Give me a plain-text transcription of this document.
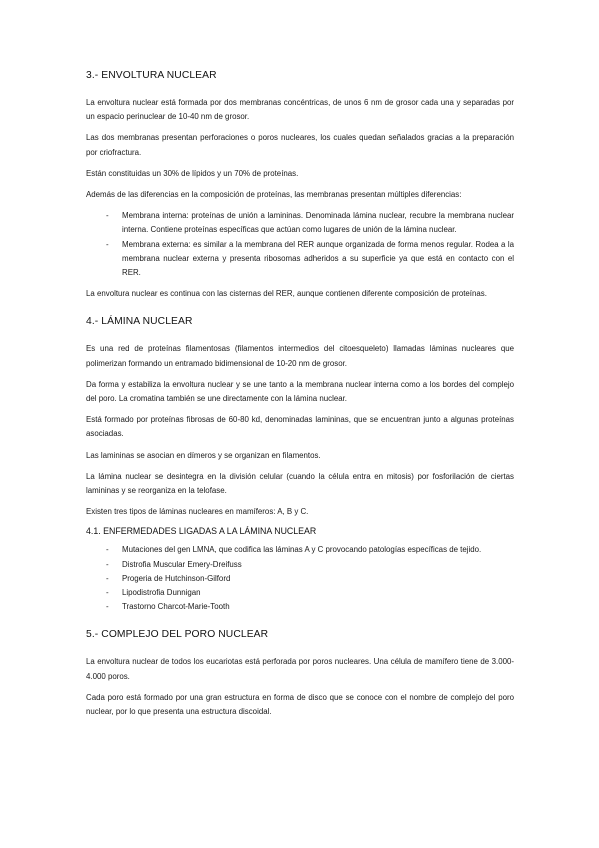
3.- ENVOLTURA NUCLEAR

La envoltura nuclear está formada por dos membranas concéntricas, de unos 6 nm de grosor cada una y separadas por un espacio perinuclear de 10-40 nm de grosor.

Las dos membranas presentan perforaciones o poros nucleares, los cuales quedan señalados gracias a la preparación por criofractura.

Están constituidas un 30% de lípidos y un 70% de proteínas.

Además de las diferencias en la composición de proteínas, las membranas presentan múltiples diferencias:

- Membrana interna: proteínas de unión a lamininas. Denominada lámina nuclear, recubre la membrana nuclear interna. Contiene proteínas específicas que actúan como lugares de unión de la lámina nuclear.
- Membrana externa: es similar a la membrana del RER aunque organizada de forma menos regular. Rodea a la membrana nuclear externa y presenta ribosomas adheridos a su superficie ya que está en contacto con el RER.

La envoltura nuclear es continua con las cisternas del RER, aunque contienen diferente composición de proteínas.

4.- LÁMINA NUCLEAR

Es una red de proteínas filamentosas (filamentos intermedios del citoesqueleto) llamadas láminas nucleares que polimerizan formando un entramado bidimensional de 10-20 nm de grosor.

Da forma y estabiliza la envoltura nuclear y se une tanto a la membrana nuclear interna como a los bordes del complejo del poro. La cromatina también se une directamente con la lámina nuclear.

Está formado por proteínas fibrosas de 60-80 kd, denominadas lamininas, que se encuentran junto a algunas proteínas asociadas.

Las lamininas se asocian en dímeros y se organizan en filamentos.

La lámina nuclear se desintegra en la división celular (cuando la célula entra en mitosis) por fosforilación de ciertas lamininas y se reorganiza en la telofase.

Existen tres tipos de láminas nucleares en mamíferos: A, B y C.

4.1. ENFERMEDADES LIGADAS A LA LÁMINA NUCLEAR
- Mutaciones del gen LMNA, que codifica las láminas A y C provocando patologías específicas de tejido.
- Distrofia Muscular Emery-Dreifuss
- Progeria de Hutchinson-Gilford
- Lipodistrofia Dunnigan
- Trastorno Charcot-Marie-Tooth
5.- COMPLEJO DEL PORO NUCLEAR

La envoltura nuclear de todos los eucariotas está perforada por poros nucleares. Una célula de mamífero tiene de 3.000-4.000 poros.

Cada poro está formado por una gran estructura en forma de disco que se conoce con el nombre de complejo del poro nuclear, por lo que presenta una estructura discoidal.
